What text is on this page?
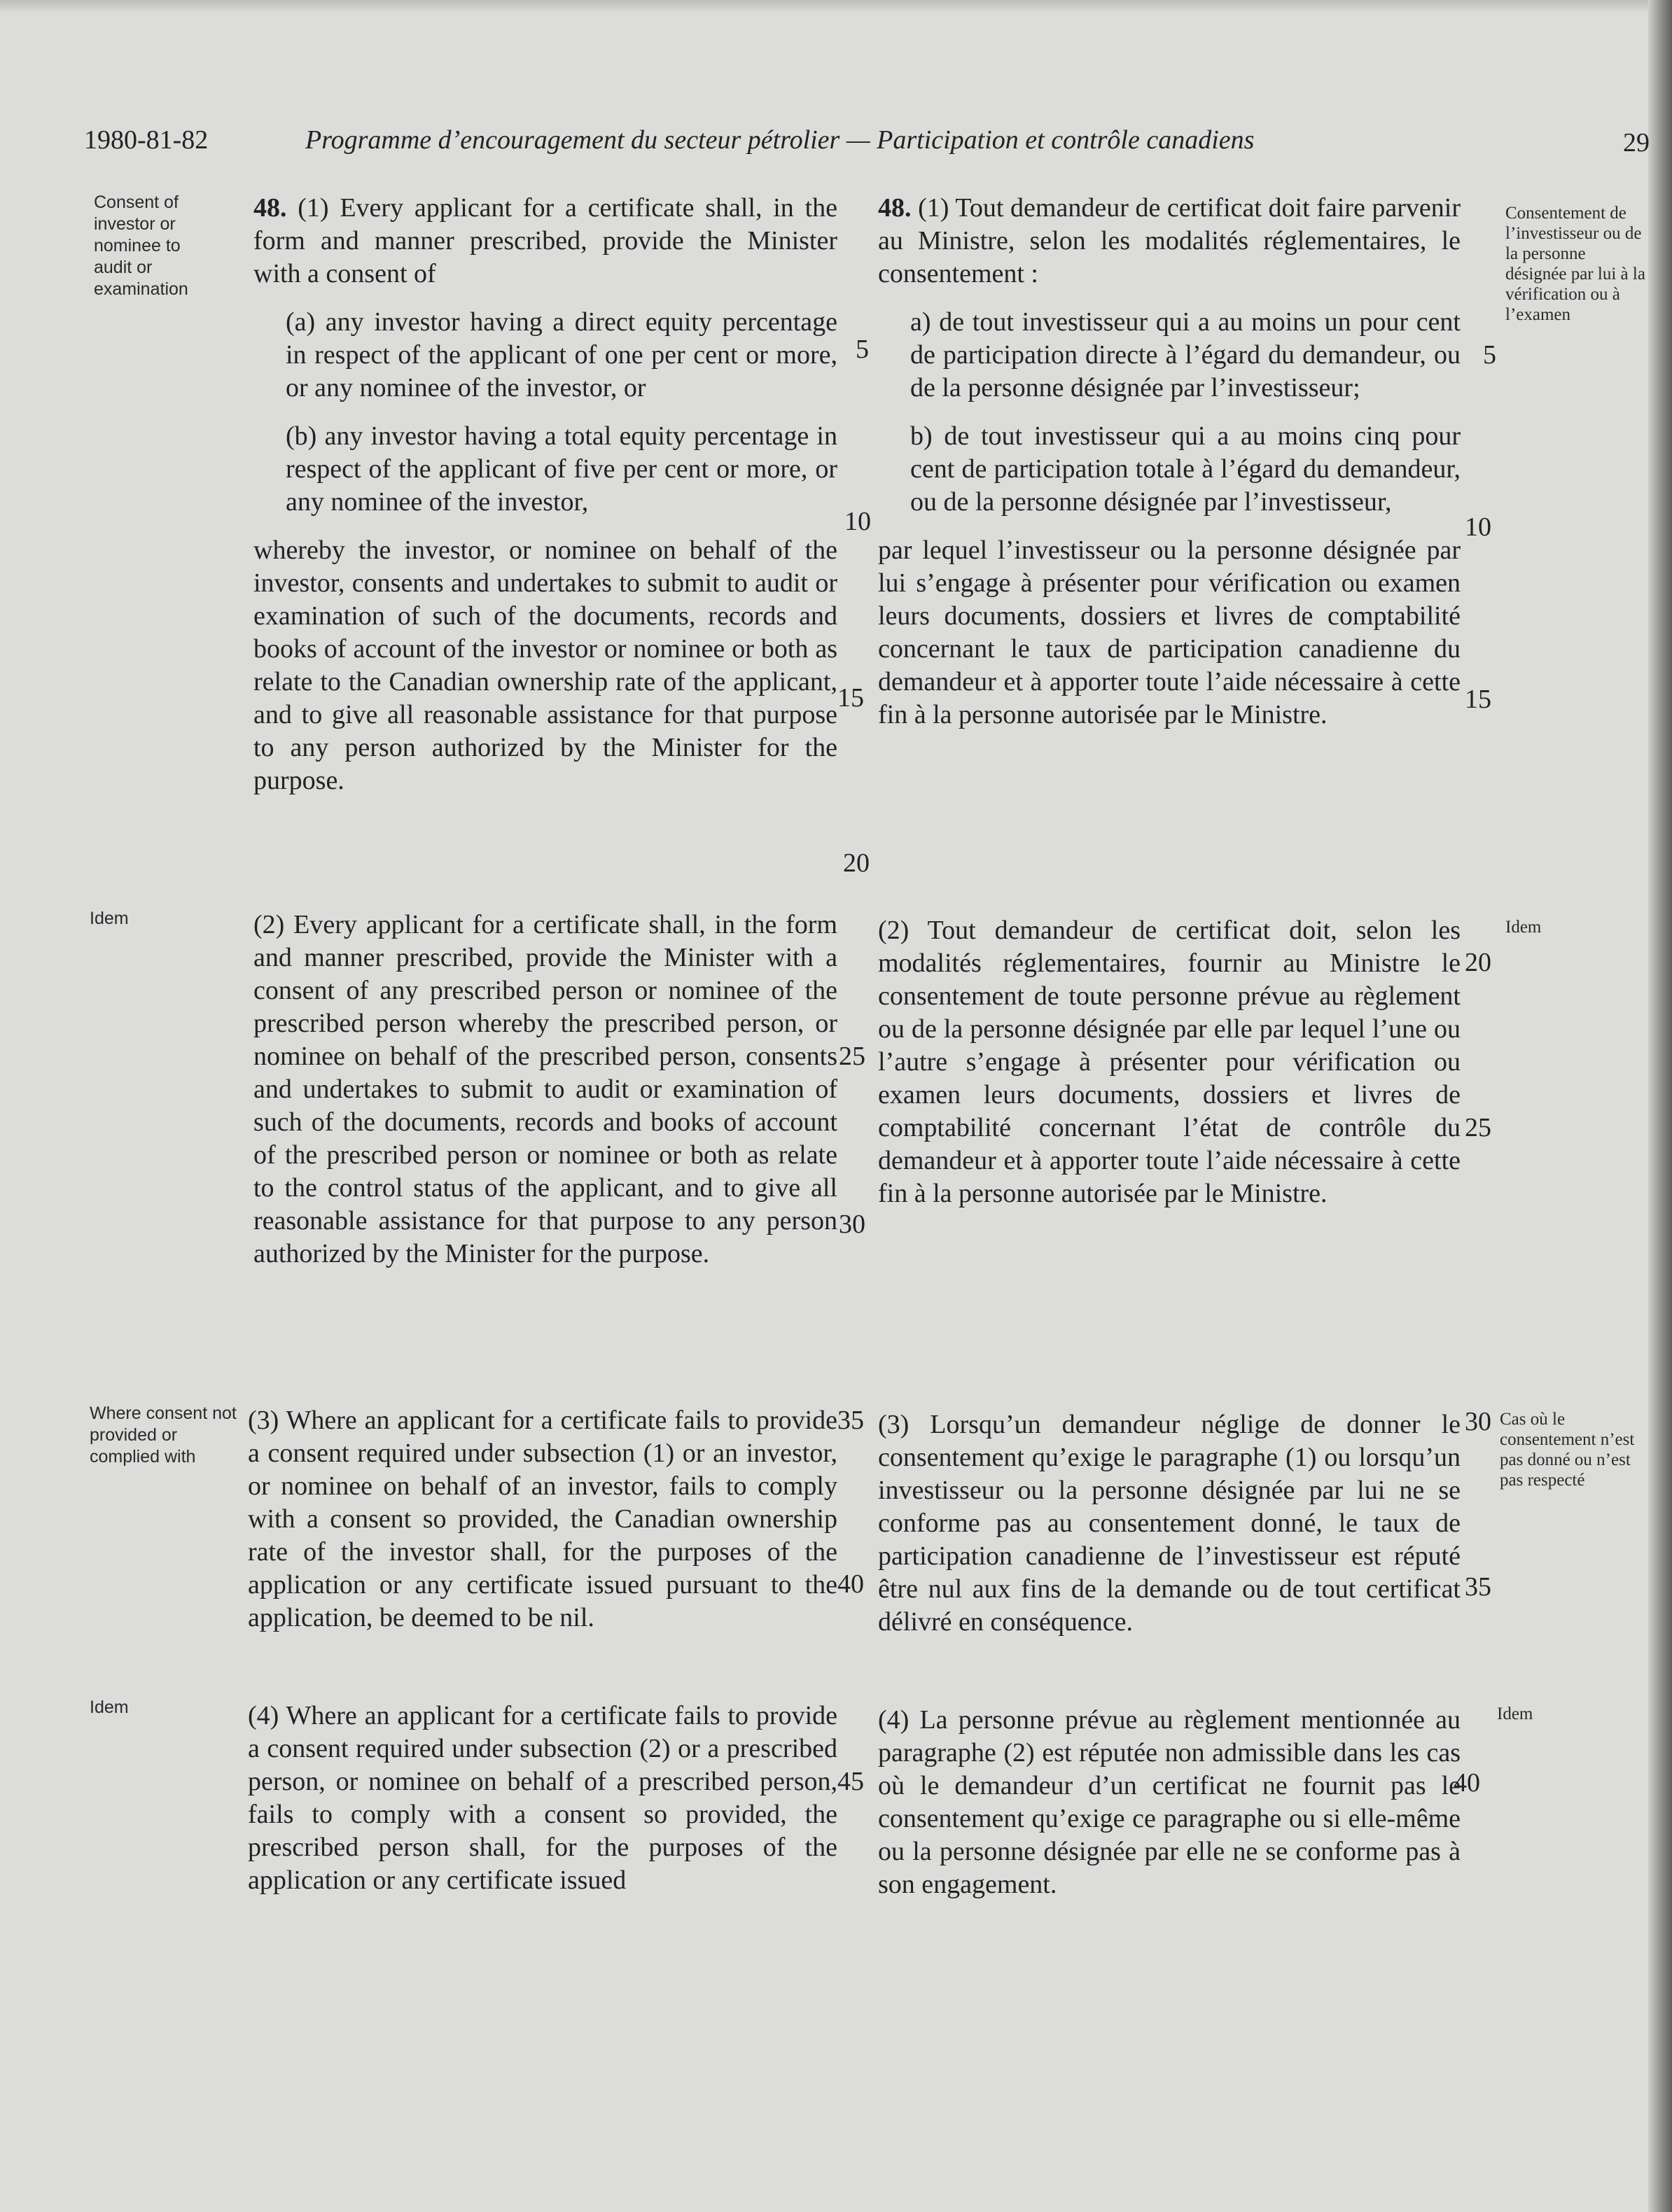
1980-81-82	Programme d’encouragement du secteur pétrolier — Participation et contrôle canadiens	29
Consent of investor or nominee to audit or examination
Idem
Where consent not provided or complied with
Idem
Consentement de l’investisseur ou de la personne désignée par lui à la vérification ou à l’examen
Idem
Cas où le consentement n’est pas donné ou n’est pas respecté
Idem

48. (1) Every applicant for a certificate shall, in the form and manner prescribed, provide the Minister with a consent of

(a) any investor having a direct equity percentage in respect of the applicant of one per cent or more, or any nominee of the investor, or

(b) any investor having a total equity percentage in respect of the applicant of five per cent or more, or any nominee of the investor,

whereby the investor, or nominee on behalf of the investor, consents and undertakes to submit to audit or examination of such of the documents, records and books of account of the investor or nominee or both as relate to the Canadian ownership rate of the applicant, and to give all reasonable assistance for that purpose to any person authorized by the Minister for the purpose.

(2) Every applicant for a certificate shall, in the form and manner prescribed, provide the Minister with a consent of any prescribed person or nominee of the prescribed person whereby the prescribed person, or nominee on behalf of the prescribed person, consents and undertakes to submit to audit or examination of such of the documents, records and books of account of the prescribed person or nominee or both as relate to the control status of the applicant, and to give all reasonable assistance for that purpose to any person authorized by the Minister for the purpose.
(3) Where an applicant for a certificate fails to provide a consent required under subsection (1) or an investor, or nominee on behalf of an investor, fails to comply with a consent so provided, the Canadian ownership rate of the investor shall, for the purposes of the application or any certificate issued pursuant to the application, be deemed to be nil.
(4) Where an applicant for a certificate fails to provide a consent required under subsection (2) or a prescribed person, or nominee on behalf of a prescribed person, fails to comply with a consent so provided, the prescribed person shall, for the purposes of the application or any certificate issued

48. (1) Tout demandeur de certificat doit faire parvenir au Ministre, selon les modalités réglementaires, le consentement :

a) de tout investisseur qui a au moins un pour cent de participation directe à l’égard du demandeur, ou de la personne désignée par l’investisseur;

b) de tout investisseur qui a au moins cinq pour cent de participation totale à l’égard du demandeur, ou de la personne désignée par l’investisseur,

par lequel l’investisseur ou la personne désignée par lui s’engage à présenter pour vérification ou examen leurs documents, dossiers et livres de comptabilité concernant le taux de participation canadienne du demandeur et à apporter toute l’aide nécessaire à cette fin à la personne autorisée par le Ministre.

(2) Tout demandeur de certificat doit, selon les modalités réglementaires, fournir au Ministre le consentement de toute personne prévue au règlement ou de la personne désignée par elle par lequel l’une ou l’autre s’engage à présenter pour vérification ou examen leurs documents, dossiers et livres de comptabilité concernant l’état de contrôle du demandeur et à apporter toute l’aide nécessaire à cette fin à la personne autorisée par le Ministre.
(3) Lorsqu’un demandeur néglige de donner le consentement qu’exige le paragraphe (1) ou lorsqu’un investisseur ou la personne désignée par lui ne se conforme pas au consentement donné, le taux de participation canadienne de l’investisseur est réputé être nul aux fins de la demande ou de tout certificat délivré en conséquence.
(4) La personne prévue au règlement mentionnée au paragraphe (2) est réputée non admissible dans les cas où le demandeur d’un certificat ne fournit pas le consentement qu’exige ce paragraphe ou si elle-même ou la personne désignée par elle ne se conforme pas à son engagement.
5
10
15
20
25
30
35
40
45
5
10
15
20
25
30
35
40
